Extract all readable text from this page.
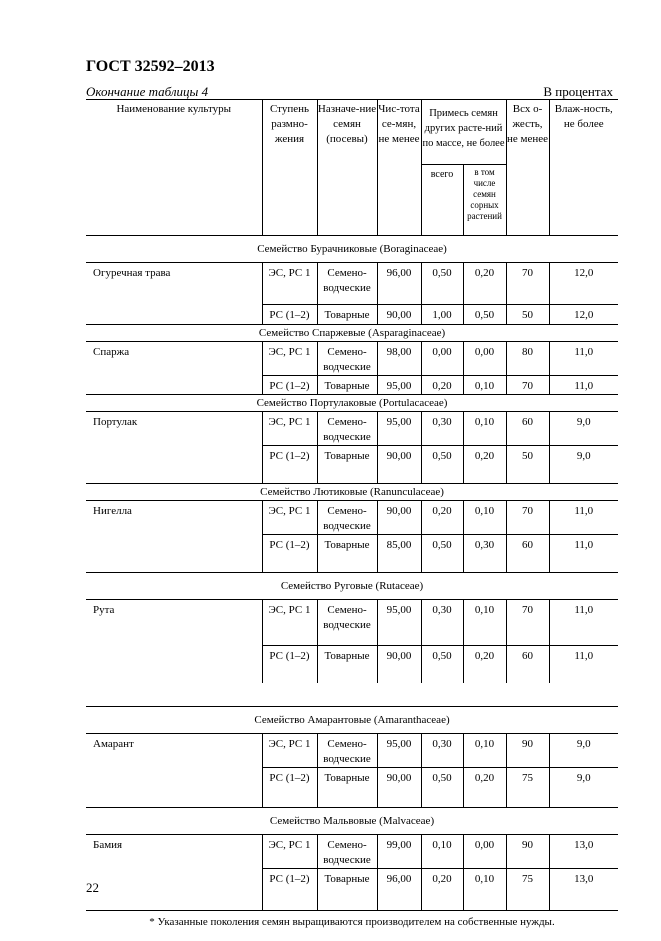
ГОСТ 32592–2013
Окончание таблицы 4	В процентах
Наименование культуры	Ступень размно-жения	Назначе-ние семян (посевы)	Чис-тота се-мян, не менее	Примесь семян других расте-ний по массе, не более		Всх о-жесть, не менее	Влаж-ность, не более
				всего	в том числе семян сорных растений		
Семейство Бурачниковые (Boraginaceae)							
Огуречная трава	ЭС, РС 1	Семено-водческие	96,00	0,50	0,20	70	12,0
	РС (1–2)	Товарные	90,00	1,00	0,50	50	12,0
Семейство Спаржевые (Asparaginaceae)							
Спаржа	ЭС, РС 1	Семено-водческие	98,00	0,00	0,00	80	11,0
	РС (1–2)	Товарные	95,00	0,20	0,10	70	11,0
Семейство Портулаковые (Portulacaceae)							
Портулак	ЭС, РС 1	Семено-водческие	95,00	0,30	0,10	60	9,0
	РС (1–2)	Товарные	90,00	0,50	0,20	50	9,0
Семейство Лютиковые (Ranunculaceae)							
Нигелла	ЭС, РС 1	Семено-водческие	90,00	0,20	0,10	70	11,0
	РС (1–2)	Товарные	85,00	0,50	0,30	60	11,0
Семейство Руговые (Rutaceae)							
Рута	ЭС, РС 1	Семено-водческие	95,00	0,30	0,10	70	11,0
	РС (1–2)	Товарные	90,00	0,50	0,20	60	11,0

Семейство Амарантовые (Amaranthaceae)							
Амарант	ЭС, РС 1	Семено-водческие	95,00	0,30	0,10	90	9,0
	РС (1–2)	Товарные	90,00	0,50	0,20	75	9,0
Семейство Мальвовые (Malvaceae)							
Бамия	ЭС, РС 1	Семено-водческие	99,00	0,10	0,00	90	13,0
	РС (1–2)	Товарные	96,00	0,20	0,10	75	13,0
* Указанные поколения семян выращиваются производителем на собственные нужды.							
22
